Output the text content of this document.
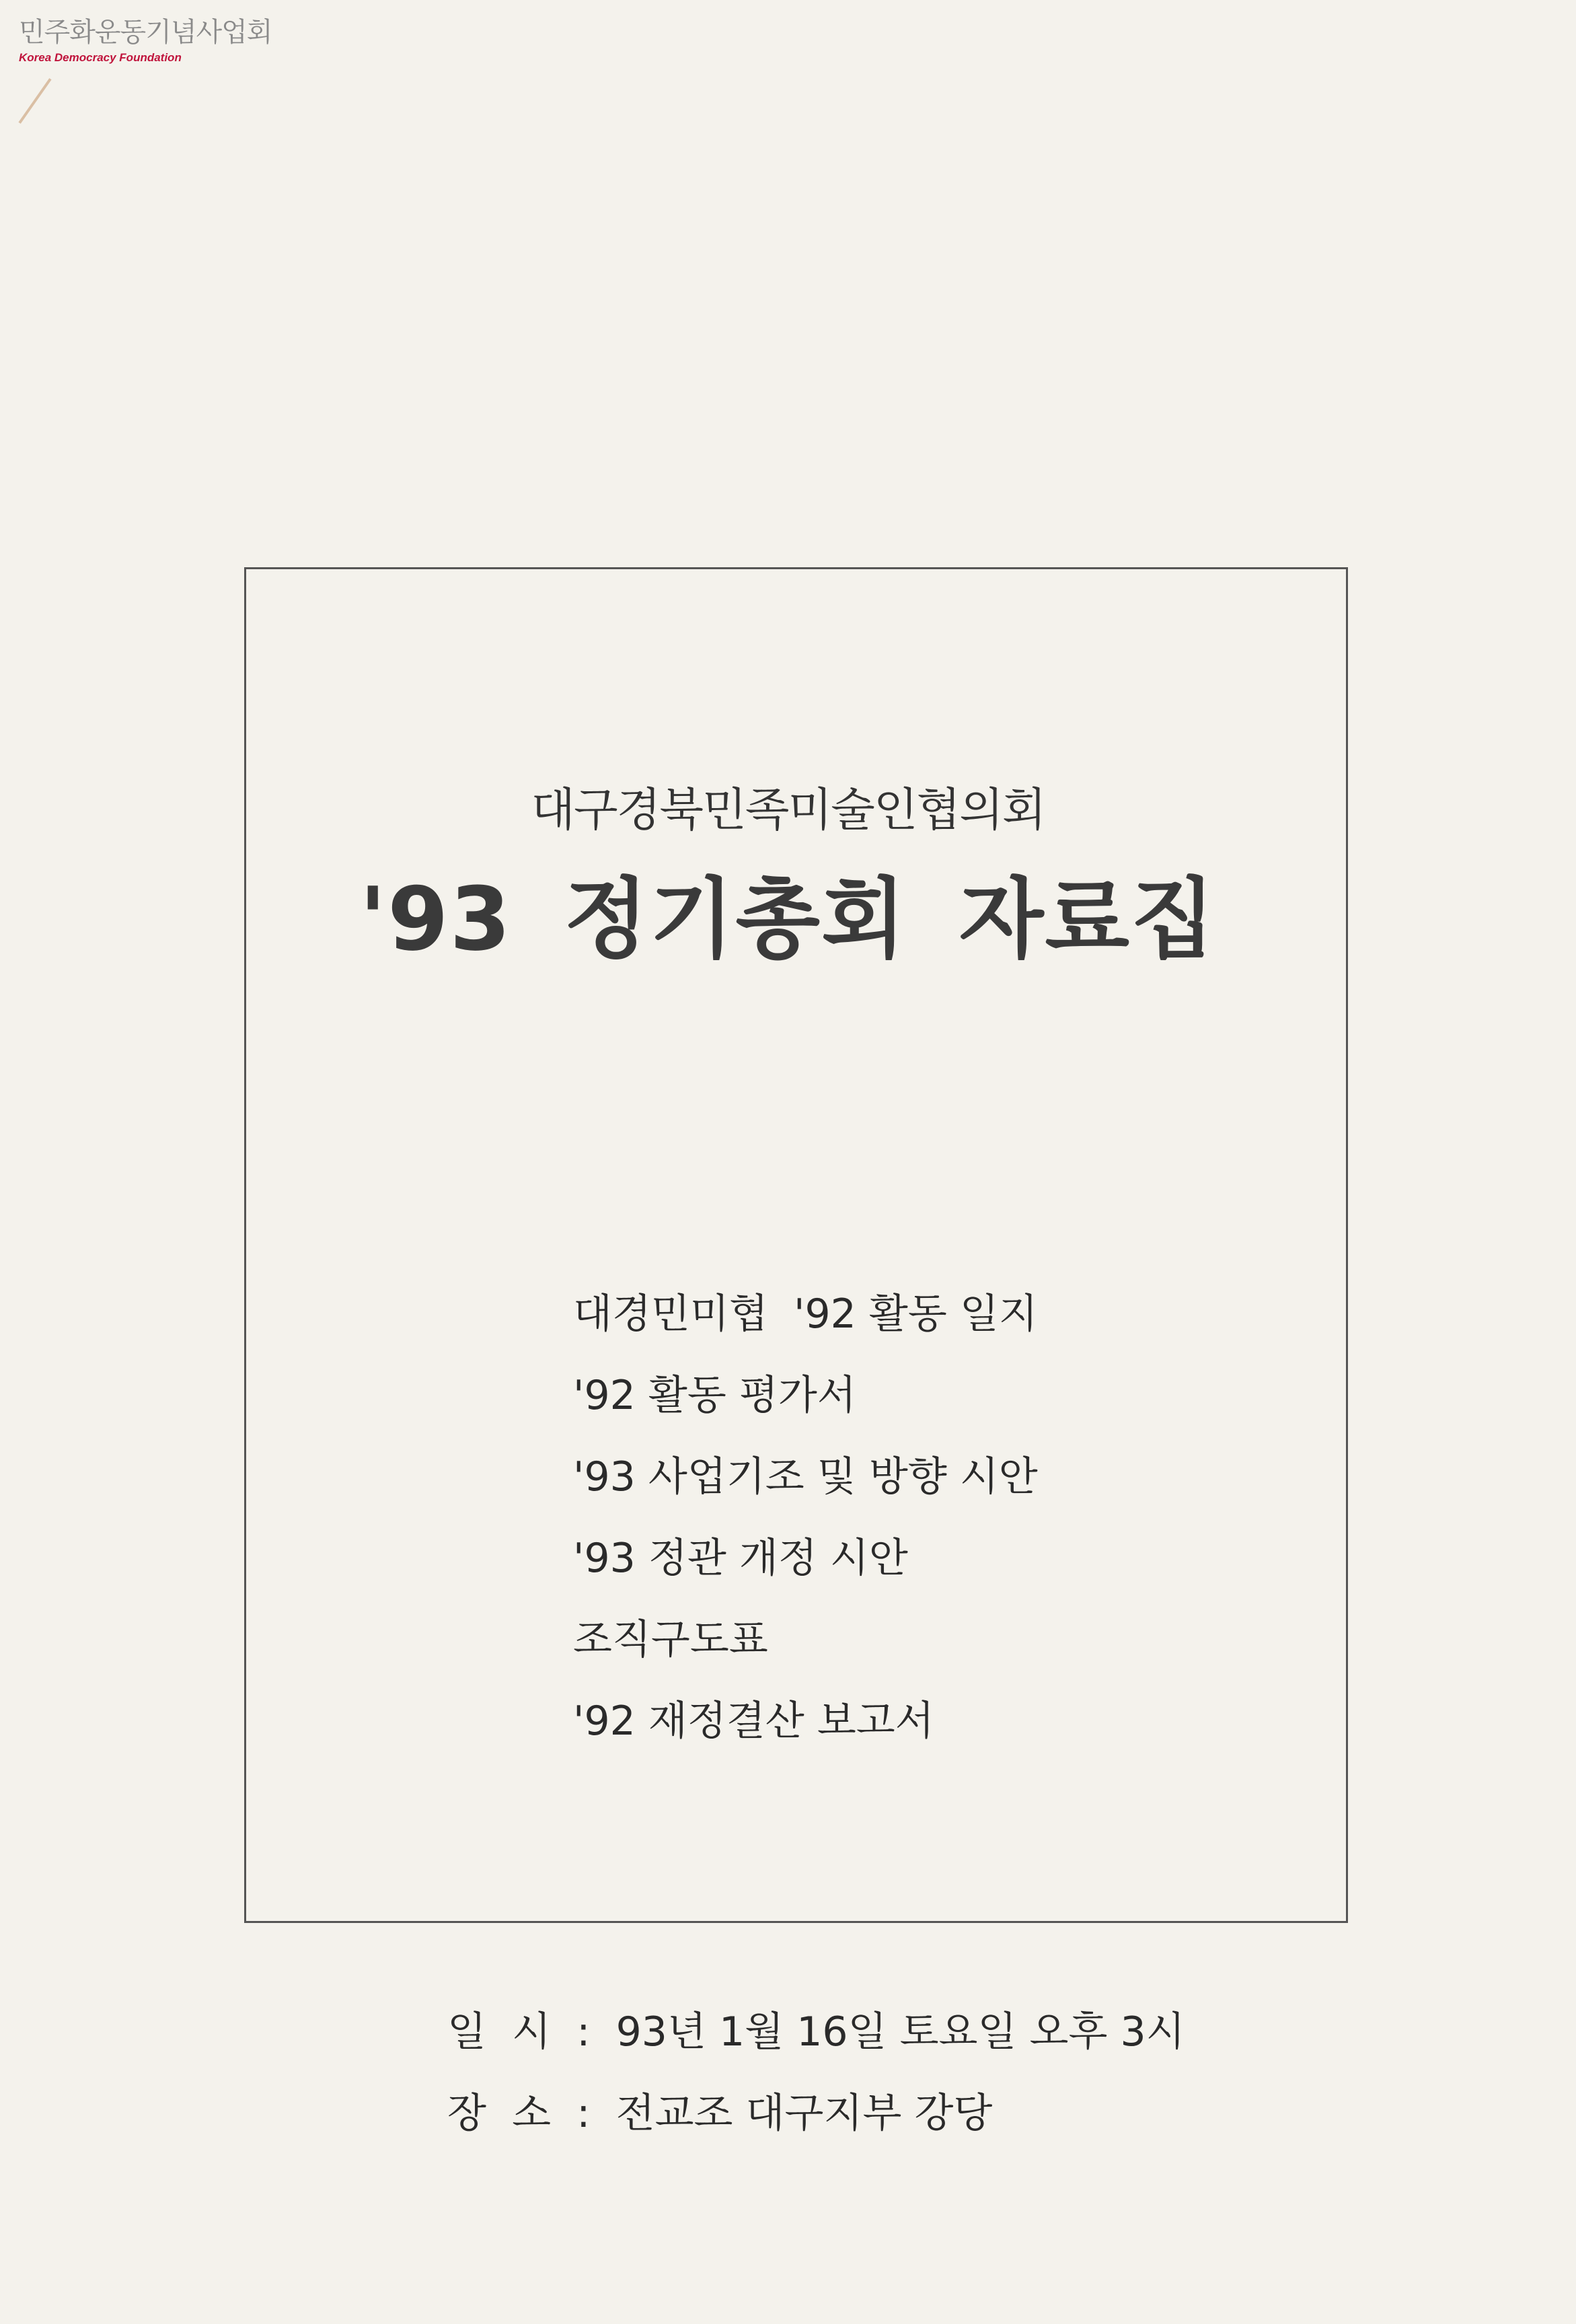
민주화운동기념사업회
Korea Democracy Foundation
대구경북민족미술인협의회
'93 정기총회 자료집
대경민미협  '92 활동 일지
'92 활동 평가서
'93 사업기조 및 방향 시안
'93 정관 개정 시안
조직구도표
'92 재정결산 보고서
일  시 : 93년 1월 16일 토요일 오후 3시
장  소 : 전교조 대구지부 강당
